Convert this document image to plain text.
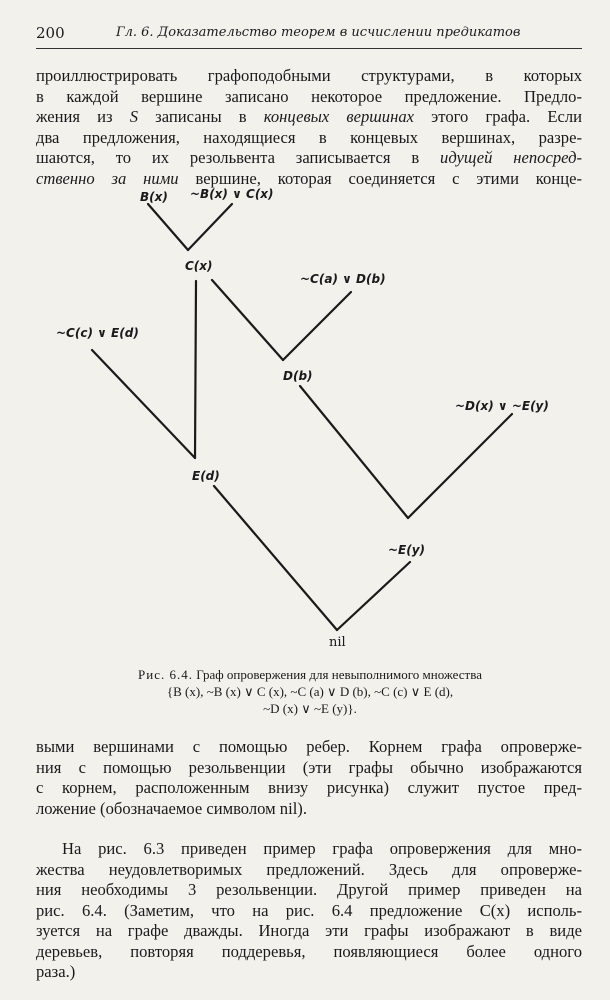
200	Гл. 6. Доказательство теорем в исчислении предикатов
проиллюстрировать графоподобными структурами, в которых
в каждой вершине записано некоторое предложение. Предло-
жения из S записаны в концевых вершинах этого графа. Если
два предложения, находящиеся в концевых вершинах, разре-
шаются, то их резольвента записывается в идущей непосред-
ственно за ними вершине, которая соединяется с этими конце-
B(x) ~B(x) ∨ C(x)
C(x)
~C(a) ∨ D(b)
~C(c) ∨ E(d)
D(b)
~D(x) ∨ ~E(y)
E(d)
~E(y)
nil
Рис. 6.4. Граф опровержения для невыполнимого множества
{B (x), ~B (x) ∨ C (x), ~C (a) ∨ D (b), ~C (c) ∨ E (d),
~D (x) ∨ ~E (y)}.
выми вершинами с помощью ребер. Корнем графа опроверже-
ния с помощью резольвенции (эти графы обычно изображаются
с корнем, расположенным внизу рисунка) служит пустое пред-
ложение (обозначаемое символом nil).
На рис. 6.3 приведен пример графа опровержения для мно-
жества неудовлетворимых предложений. Здесь для опроверже-
ния необходимы 3 резольвенции. Другой пример приведен на
рис. 6.4. (Заметим, что на рис. 6.4 предложение C(x) исполь-
зуется на графе дважды. Иногда эти графы изображают в виде
деревьев, повторяя поддеревья, появляющиеся более одного
раза.)
